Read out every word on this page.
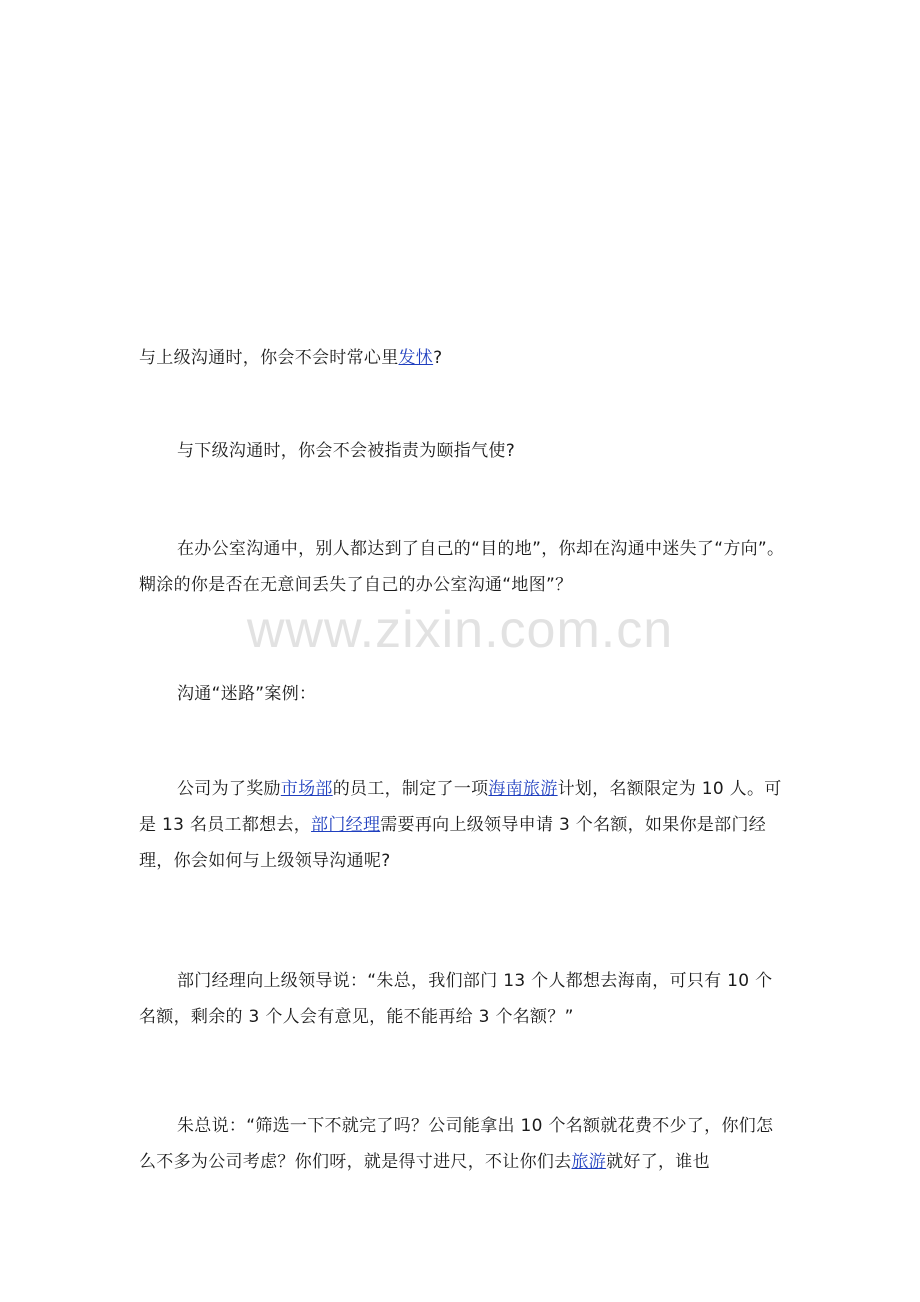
www.zixin.com.cn

与上级沟通时，你会不会时常心里发怵?

与下级沟通时，你会不会被指责为颐指气使?

在办公室沟通中，别人都达到了自己的“目的地”，你却在沟通中迷失了“方向”。糊涂的你是否在无意间丢失了自己的办公室沟通“地图”？

沟通“迷路”案例：

公司为了奖励市场部的员工，制定了一项海南旅游计划，名额限定为 10 人。可是 13 名员工都想去，部门经理需要再向上级领导申请 3 个名额，如果你是部门经理，你会如何与上级领导沟通呢?

部门经理向上级领导说：“朱总，我们部门 13 个人都想去海南，可只有 10 个名额，剩余的 3 个人会有意见，能不能再给 3 个名额？”

朱总说：“筛选一下不就完了吗？公司能拿出 10 个名额就花费不少了，你们怎么不多为公司考虑？你们呀，就是得寸进尺，不让你们去旅游就好了，谁也
